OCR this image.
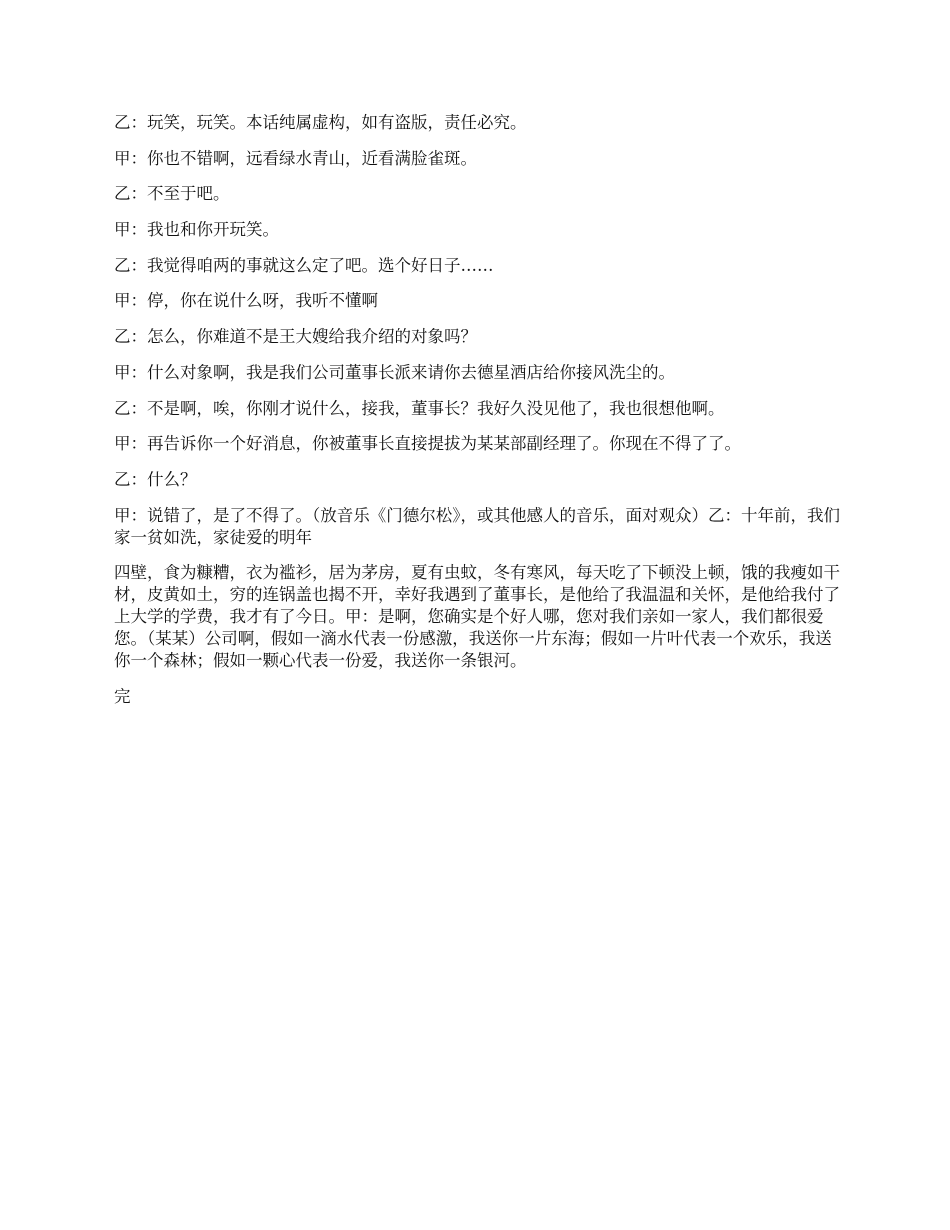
乙：玩笑，玩笑。本话纯属虚构，如有盗版，责任必究。

甲：你也不错啊，远看绿水青山，近看满脸雀斑。

乙：不至于吧。

甲：我也和你开玩笑。

乙：我觉得咱两的事就这么定了吧。选个好日子……

甲：停，你在说什么呀，我听不懂啊

乙：怎么，你难道不是王大嫂给我介绍的对象吗？

甲：什么对象啊，我是我们公司董事长派来请你去德星酒店给你接风洗尘的。

乙：不是啊，唉，你刚才说什么，接我，董事长？我好久没见他了，我也很想他啊。

甲：再告诉你一个好消息，你被董事长直接提拔为某某部副经理了。你现在不得了了。

乙：什么？

甲：说错了，是了不得了。（放音乐《门德尔松》，或其他感人的音乐，面对观众）乙：十年前，我们家一贫如洗，家徒爱的明年

四壁，食为糠糟，衣为褴衫，居为茅房，夏有虫蚊，冬有寒风，每天吃了下顿没上顿，饿的我瘦如干材，皮黄如土，穷的连锅盖也揭不开，幸好我遇到了董事长，是他给了我温温和关怀，是他给我付了上大学的学费，我才有了今日。甲：是啊，您确实是个好人哪，您对我们亲如一家人，我们都很爱您。（某某）公司啊，假如一滴水代表一份感激，我送你一片东海；假如一片叶代表一个欢乐，我送你一个森林；假如一颗心代表一份爱，我送你一条银河。

完
